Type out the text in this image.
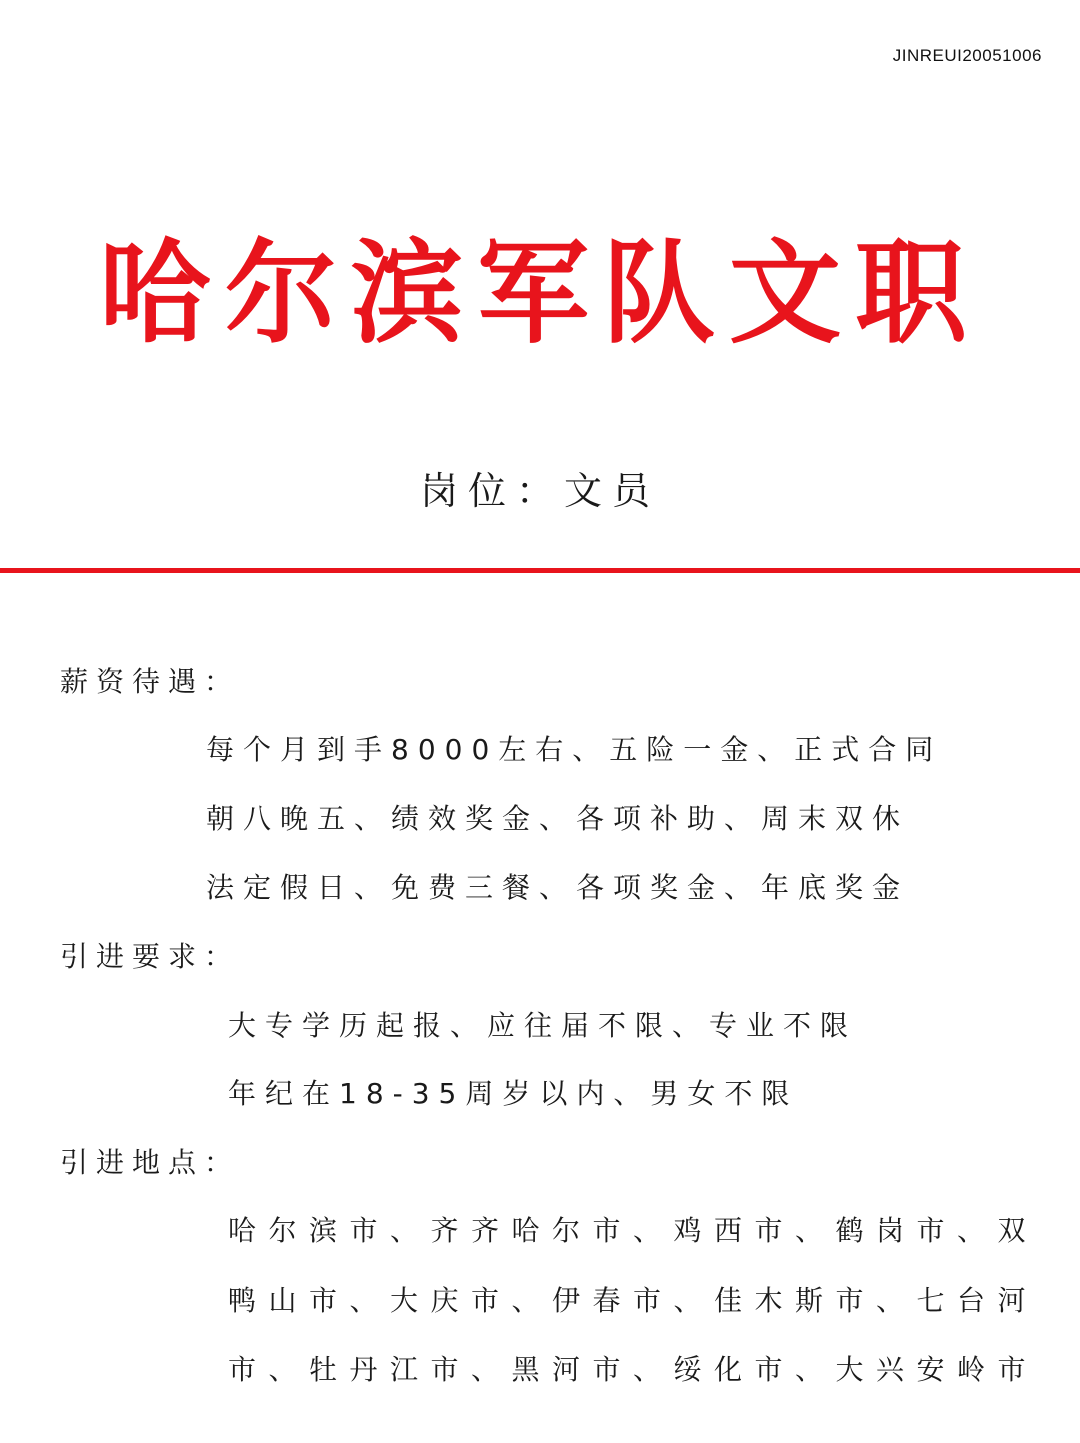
JINREUI20051006
哈尔滨军队文职
岗位：文员
薪资待遇：
每个月到手8000左右、五险一金、正式合同
朝八晚五、绩效奖金、各项补助、周末双休
法定假日、免费三餐、各项奖金、年底奖金
引进要求：
大专学历起报、应往届不限、专业不限
年纪在18-35周岁以内、男女不限
引进地点：
哈尔滨市、齐齐哈尔市、鸡西市、鹤岗市、双
鸭山市、大庆市、伊春市、佳木斯市、七台河
市、牡丹江市、黑河市、绥化市、大兴安岭市
